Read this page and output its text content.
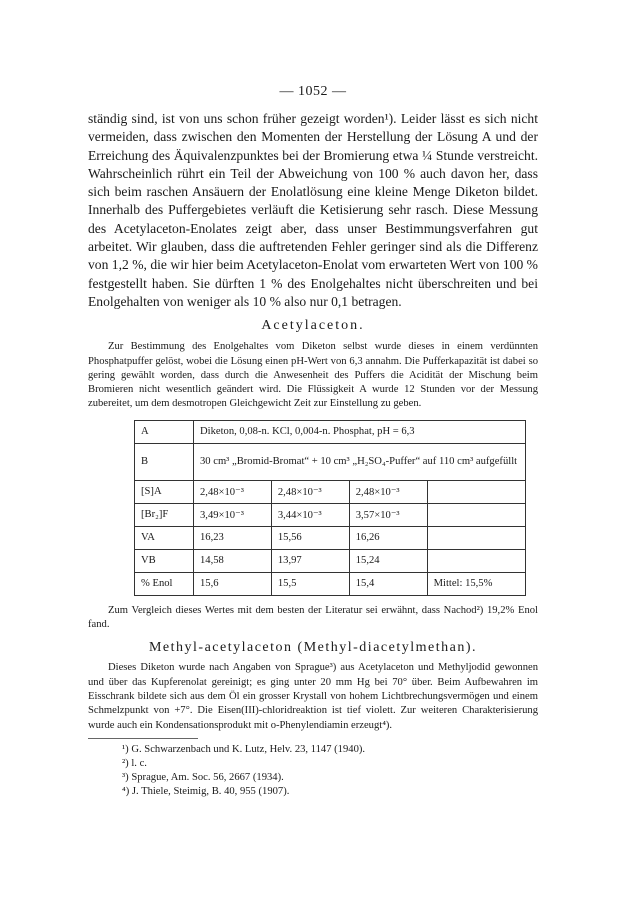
— 1052 —

ständig sind, ist von uns schon früher gezeigt worden¹). Leider lässt es sich nicht vermeiden, dass zwischen den Momenten der Herstellung der Lösung A und der Erreichung des Äquivalenzpunktes bei der Bromierung etwa ¼ Stunde verstreicht. Wahrscheinlich rührt ein Teil der Abweichung von 100 % auch davon her, dass sich beim raschen Ansäuern der Enolatlösung eine kleine Menge Diketon bildet. Innerhalb des Puffergebietes verläuft die Ketisierung sehr rasch. Diese Messung des Acetylaceton-Enolates zeigt aber, dass unser Bestimmungsverfahren gut arbeitet. Wir glauben, dass die auftretenden Fehler geringer sind als die Differenz von 1,2 %, die wir hier beim Acetylaceton-Enolat vom erwarteten Wert von 100 % festgestellt haben. Sie dürften 1 % des Enolgehaltes nicht überschreiten und bei Enolgehalten von weniger als 10 % also nur 0,1 betragen.

Acetylaceton.

Zur Bestimmung des Enolgehaltes vom Diketon selbst wurde dieses in einem verdünnten Phosphatpuffer gelöst, wobei die Lösung einen pH-Wert von 6,3 annahm. Die Pufferkapazität ist dabei so gering gewählt worden, dass durch die Anwesenheit des Puffers die Acidität der Mischung beim Bromieren nicht wesentlich geändert wird. Die Flüssigkeit A wurde 12 Stunden vor der Messung zubereitet, um dem desmotropen Gleichgewicht Zeit zur Einstellung zu geben.

A	Diketon, 0,08-n. KCl, 0,004-n. Phosphat, pH = 6,3			
B	30 cm³ „Bromid-Bromat“ + 10 cm³ „H₂SO₄-Puffer“ auf 110 cm³ aufgefüllt			
[S]A	2,48×10⁻³	2,48×10⁻³	2,48×10⁻³	
[Br₂]F	3,49×10⁻³	3,44×10⁻³	3,57×10⁻³	
VA	16,23	15,56	16,26	
VB	14,58	13,97	15,24	
% Enol	15,6	15,5	15,4	Mittel: 15,5%

Zum Vergleich dieses Wertes mit dem besten der Literatur sei erwähnt, dass Nachod²) 19,2% Enol fand.

Methyl-acetylaceton (Methyl-diacetylmethan).

Dieses Diketon wurde nach Angaben von Sprague³) aus Acetylaceton und Methyljodid gewonnen und über das Kupferenolat gereinigt; es ging unter 20 mm Hg bei 70° über. Beim Aufbewahren im Eisschrank bildete sich aus dem Öl ein grosser Krystall von hohem Lichtbrechungsvermögen und einem Schmelzpunkt von +7°. Die Eisen(III)-chloridreaktion ist tief violett. Zur weiteren Charakterisierung wurde auch ein Kondensationsprodukt mit o-Phenylendiamin erzeugt⁴).

¹) G. Schwarzenbach und K. Lutz, Helv. 23, 1147 (1940).

²) l. c.

³) Sprague, Am. Soc. 56, 2667 (1934).

⁴) J. Thiele, Steimig, B. 40, 955 (1907).
